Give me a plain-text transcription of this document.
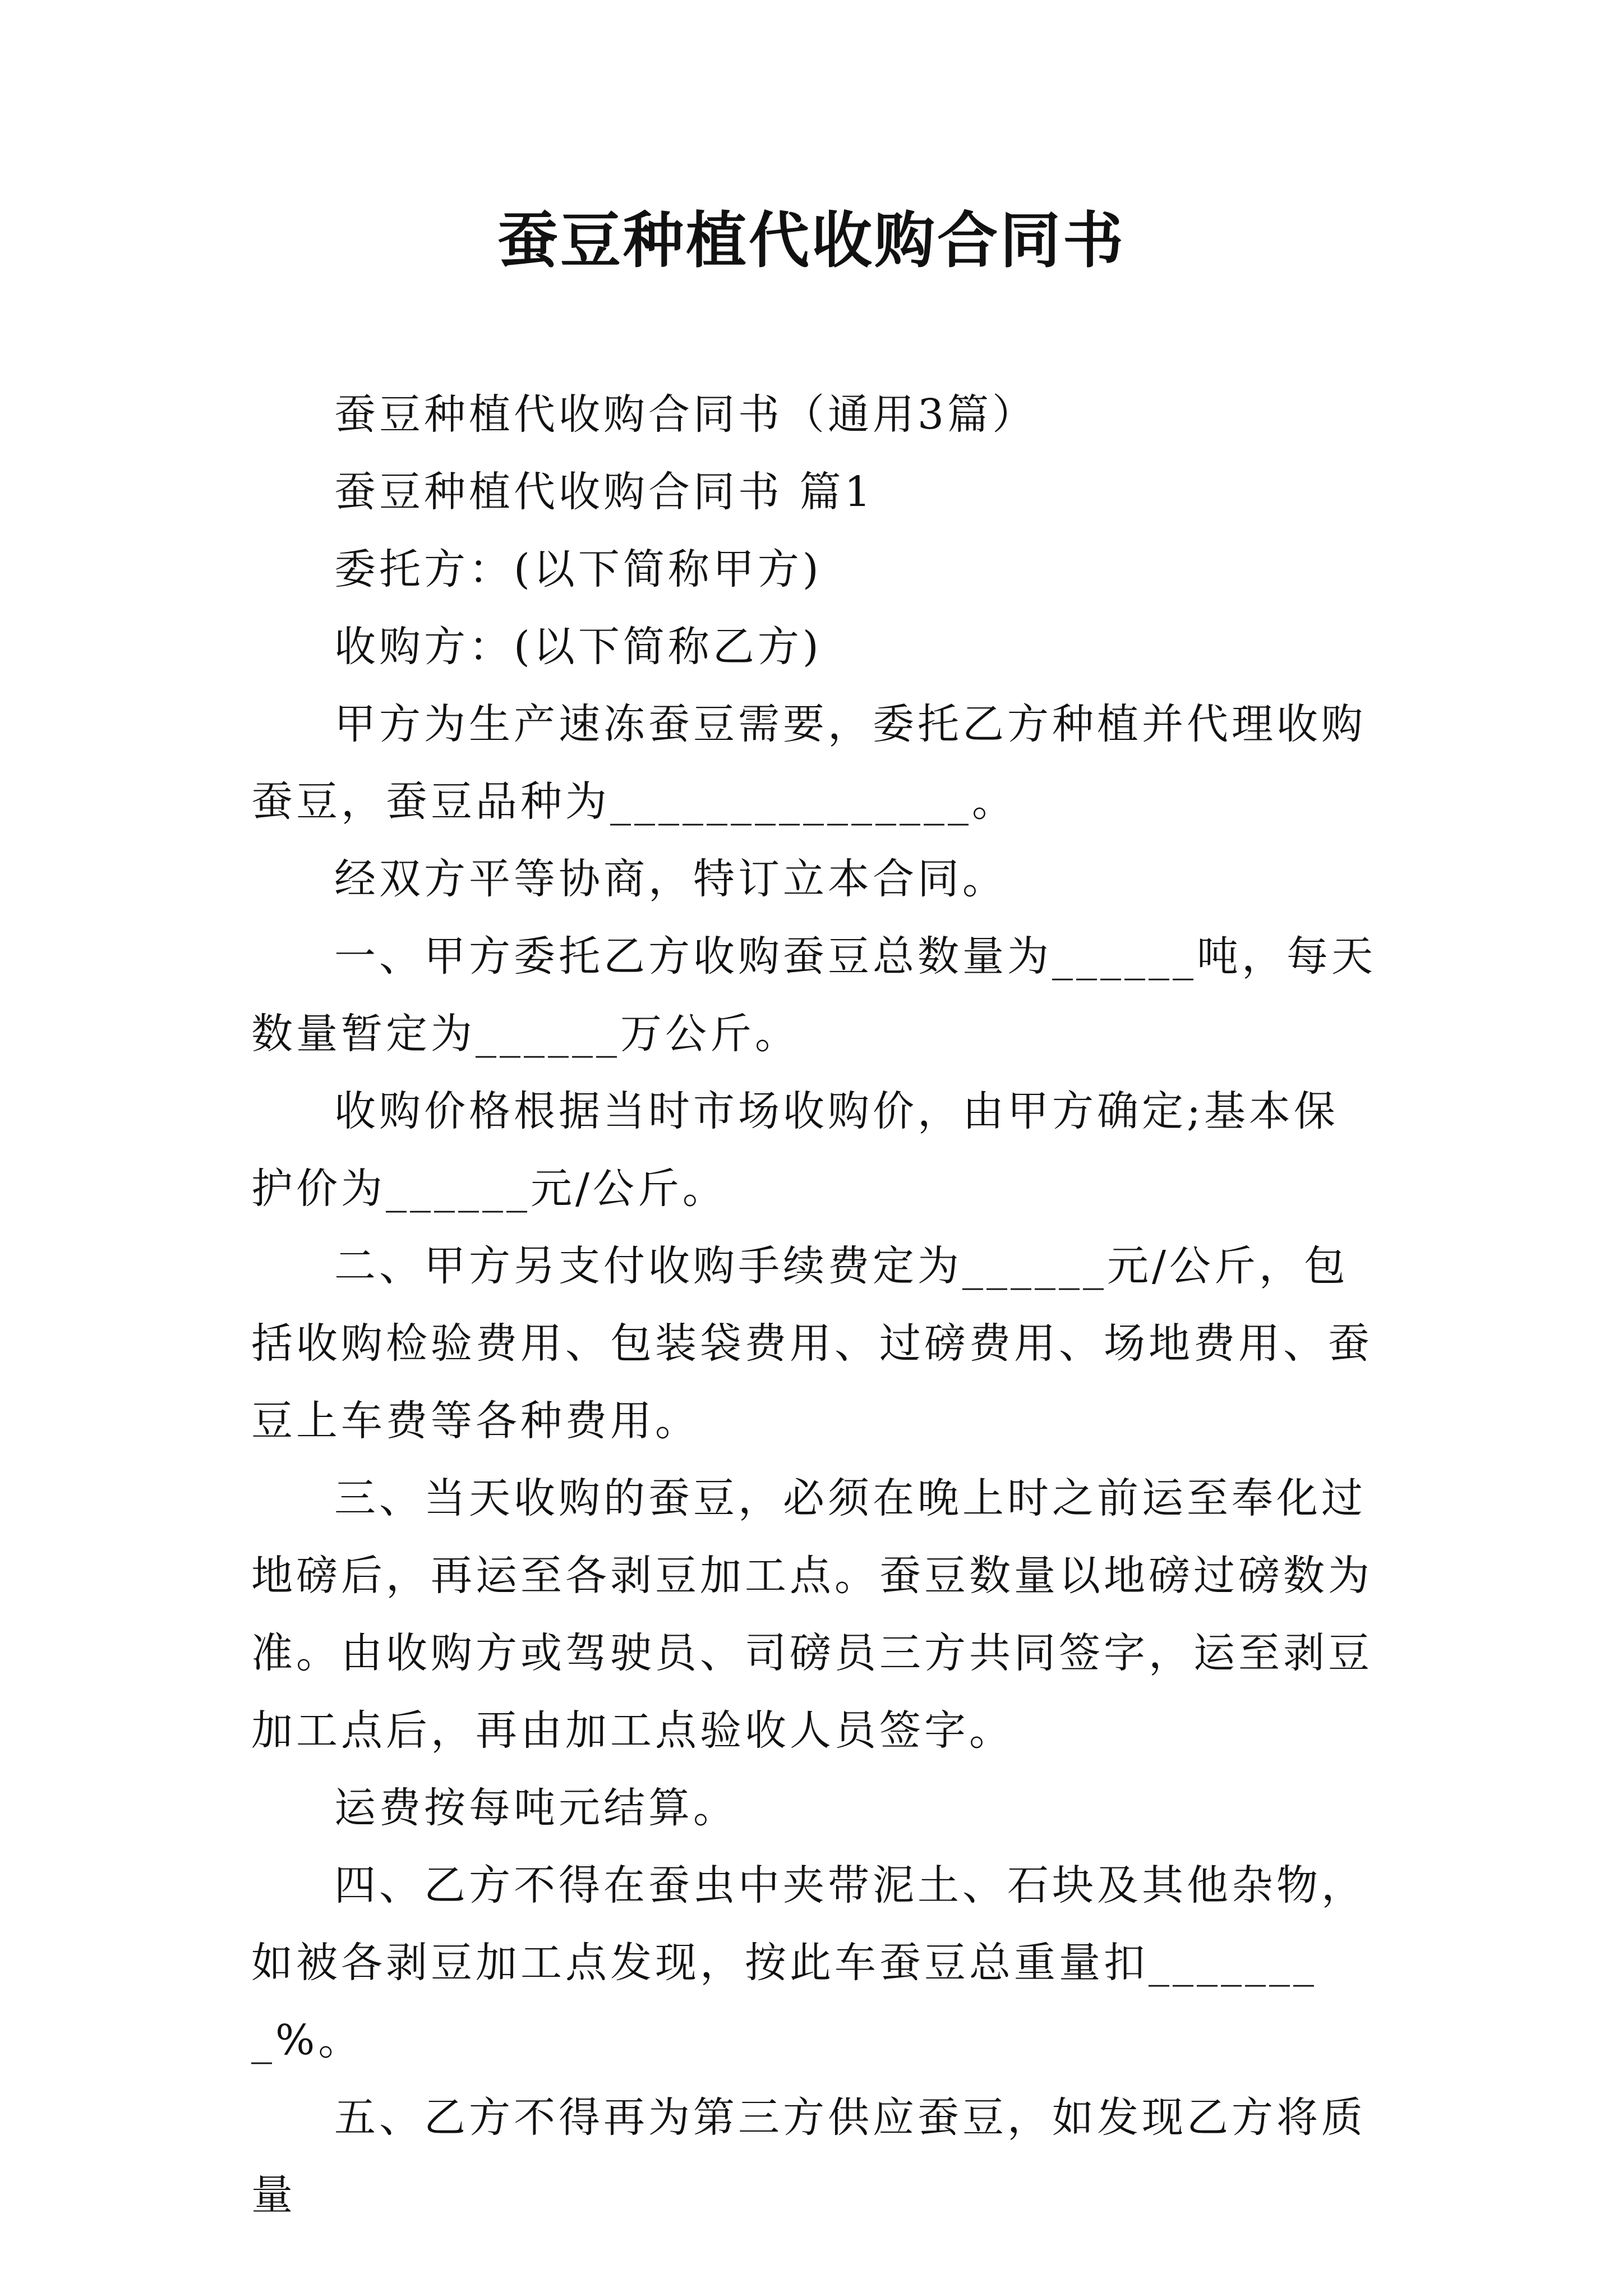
蚕豆种植代收购合同书

蚕豆种植代收购合同书（通用3篇）

蚕豆种植代收购合同书 篇1

委托方：(以下简称甲方)

收购方：(以下简称乙方)

甲方为生产速冻蚕豆需要，委托乙方种植并代理收购蚕豆，蚕豆品种为_______________。

经双方平等协商，特订立本合同。

一、甲方委托乙方收购蚕豆总数量为______吨，每天数量暂定为______万公斤。

收购价格根据当时市场收购价，由甲方确定;基本保护价为______元/公斤。

二、甲方另支付收购手续费定为______元/公斤，包括收购检验费用、包装袋费用、过磅费用、场地费用、蚕豆上车费等各种费用。

三、当天收购的蚕豆，必须在晚上时之前运至奉化过地磅后，再运至各剥豆加工点。蚕豆数量以地磅过磅数为准。由收购方或驾驶员、司磅员三方共同签字，运至剥豆加工点后，再由加工点验收人员签字。

运费按每吨元结算。

四、乙方不得在蚕虫中夹带泥土、石块及其他杂物，如被各剥豆加工点发现，按此车蚕豆总重量扣________%。

五、乙方不得再为第三方供应蚕豆，如发现乙方将质量
